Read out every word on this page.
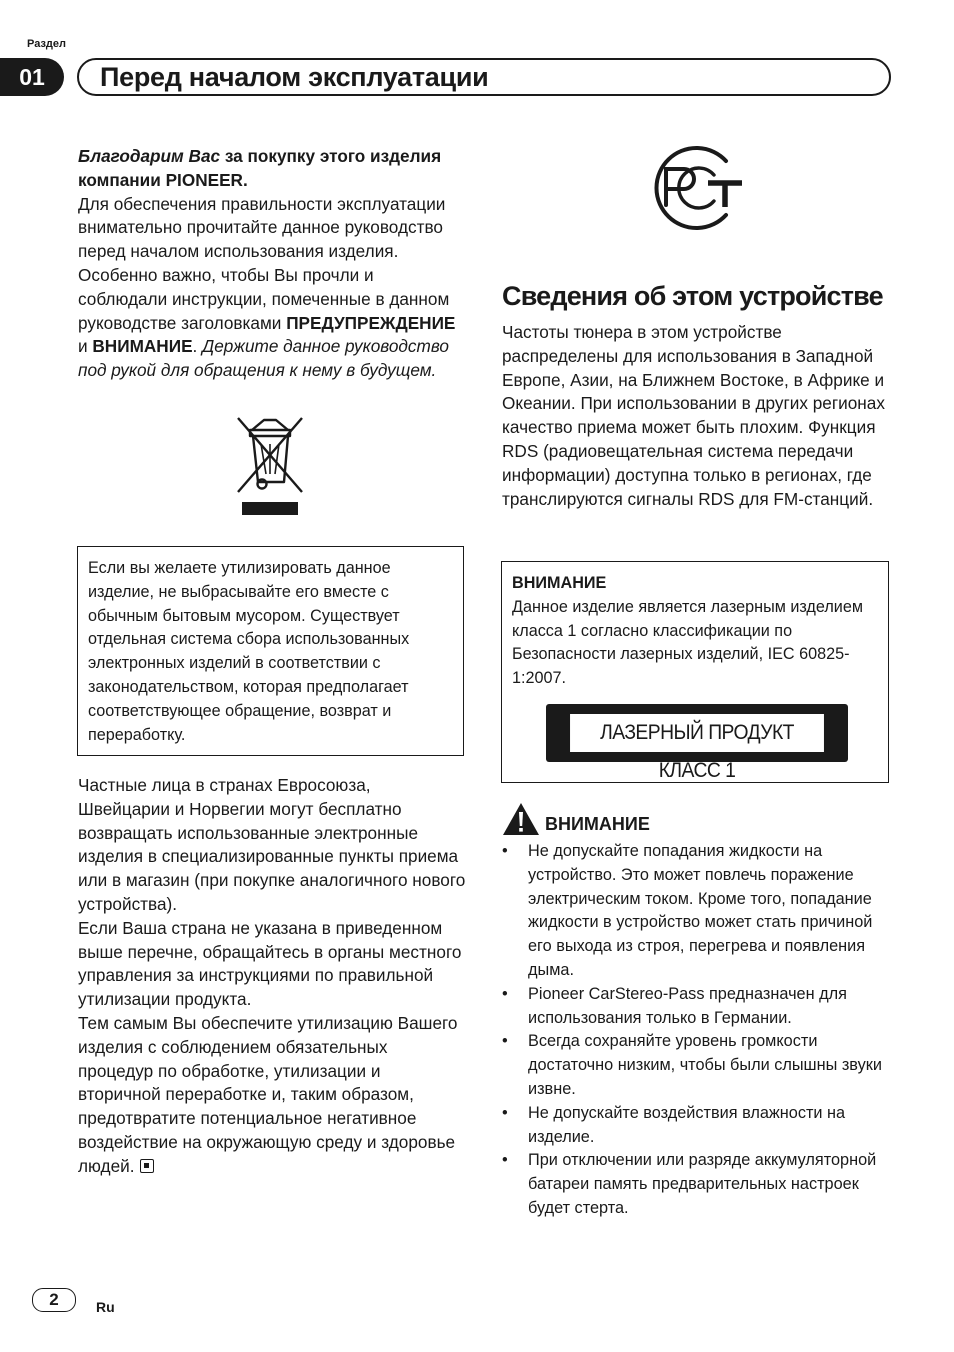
Раздел
01	Перед началом эксплуатации

Благодарим Вас за покупку этого изделия компании PIONEER.

Для обеспечения правильности эксплуатации внимательно прочитайте данное руководство перед началом использования изделия. Особенно важно, чтобы Вы прочли и соблюдали инструкции, помеченные в данном руководстве заголовками ПРЕДУПРЕЖДЕНИЕ и ВНИМАНИЕ. Держите данное руководство под рукой для обращения к нему в будущем.

Если вы желаете утилизировать данное изделие, не выбрасывайте его вместе с обычным бытовым мусором. Существует отдельная система сбора использованных электронных изделий в соответствии с законодательством, которая предполагает соответствующее обращение, возврат и переработку.

Частные лица в странах Евросоюза, Швейцарии и Норвегии могут бесплатно возвращать использованные электронные изделия в специализированные пункты приема или в магазин (при покупке аналогичного нового устройства).

Если Ваша страна не указана в приведенном выше перечне, обращайтесь в органы местного управления за инструкциями по правильной утилизации продукта.

Тем самым Вы обеспечите утилизацию Вашего изделия с соблюдением обязательных процедур по обработке, утилизации и вторичной переработке и, таким образом, предотвратите потенциальное негативное воздействие на окружающую среду и здоровье людей.

Сведения об этом устройстве

Частоты тюнера в этом устройстве распределены для использования в Западной Европе, Азии, на Ближнем Востоке, в Африке и Океании. При использовании в других регионах качество приема может быть плохим. Функция RDS (радиовещательная система передачи информации) доступна только в регионах, где транслируются сигналы RDS для FM-станций.

ВНИМАНИЕ

Данное изделие является лазерным изделием класса 1 согласно классификации по Безопасности лазерных изделий, IEC 60825-1:2007.

ЛАЗЕРНЫЙ ПРОДУКТ КЛАСС 1
ВНИМАНИЕ
• Не допускайте попадания жидкости на устройство. Это может повлечь поражение электрическим током. Кроме того, попадание жидкости в устройство может стать причиной его выхода из строя, перегрева и появления дыма.
• Pioneer CarStereo-Pass предназначен для использования только в Германии.
• Всегда сохраняйте уровень громкости достаточно низким, чтобы были слышны звуки извне.
• Не допускайте воздействия влажности на изделие.
• При отключении или разряде аккумуляторной батареи память предварительных настроек будет стерта.
2	Ru
